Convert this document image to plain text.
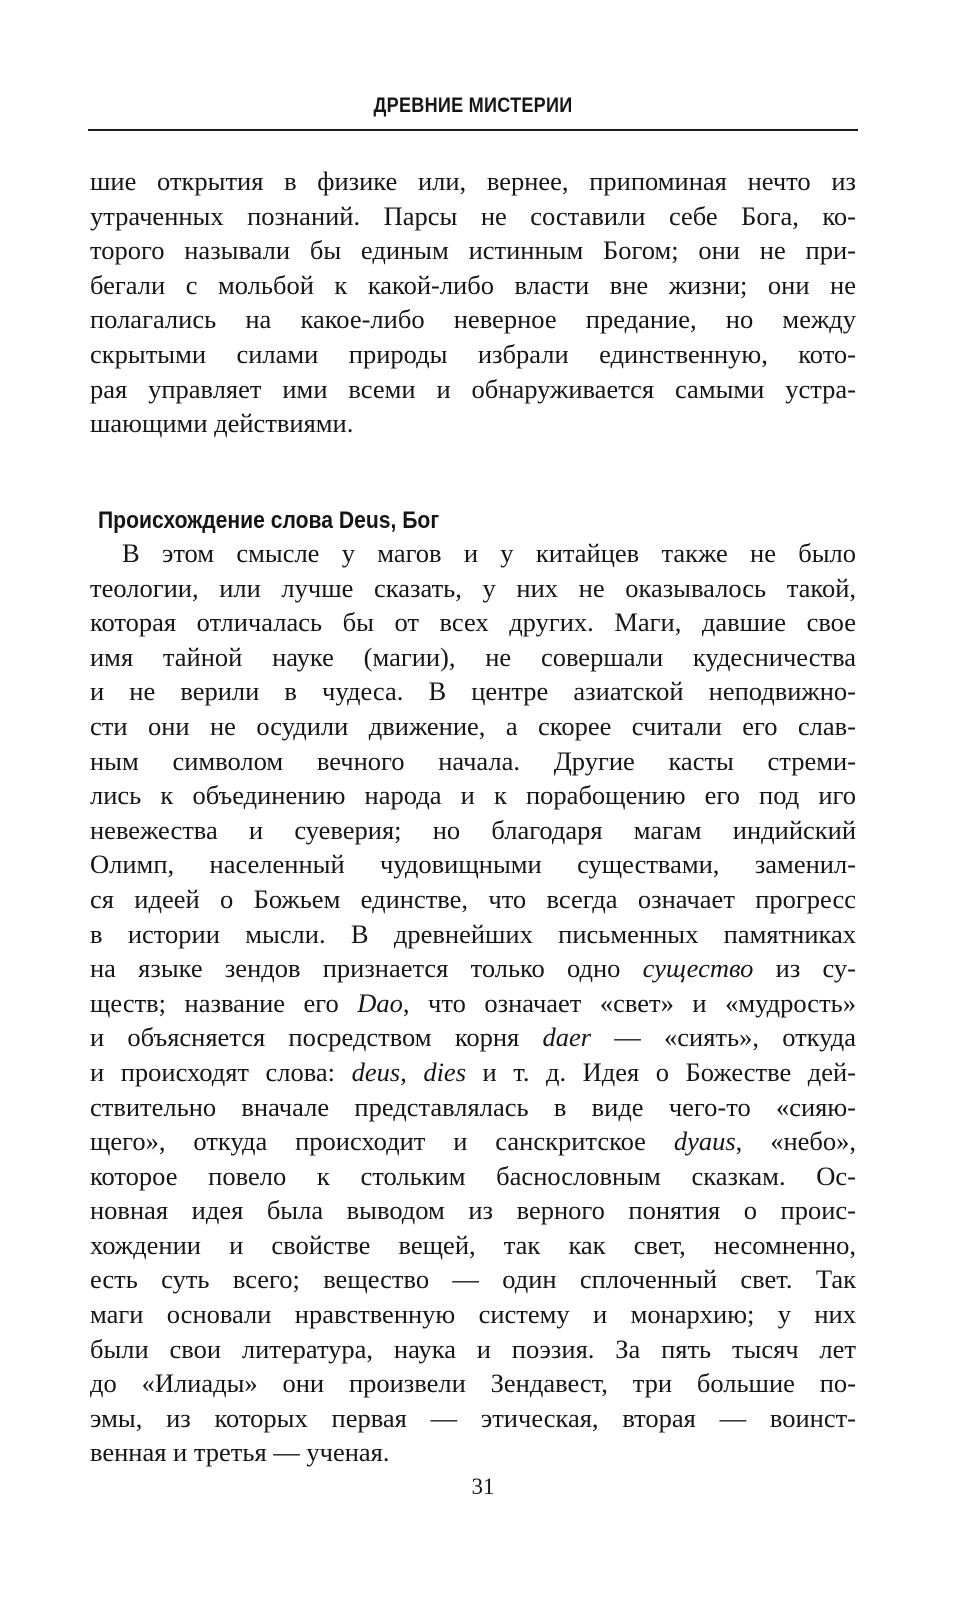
ДРЕВНИЕ МИСТЕРИИ
шие открытия в физике или, вернее, припоминая нечто из
утраченных познаний. Парсы не составили себе Бога, ко-
торого называли бы единым истинным Богом; они не при-
бегали с мольбой к какой-либо власти вне жизни; они не
полагались на какое-либо неверное предание, но между
скрытыми силами природы избрали единственную, кото-
рая управляет ими всеми и обнаруживается самыми устра-
шающими действиями.
Происхождение слова Deus, Бог
В этом смысле у магов и у китайцев также не было
теологии, или лучше сказать, у них не оказывалось такой,
которая отличалась бы от всех других. Маги, давшие свое
имя тайной науке (магии), не совершали кудесничества
и не верили в чудеса. В центре азиатской неподвижно-
сти они не осудили движение, а скорее считали его слав-
ным символом вечного начала. Другие касты стреми-
лись к объединению народа и к порабощению его под иго
невежества и суеверия; но благодаря магам индийский
Олимп, населенный чудовищными существами, заменил-
ся идеей о Божьем единстве, что всегда означает прогресс
в истории мысли. В древнейших письменных памятниках
на языке зендов признается только одно существо из су-
ществ; название его Dao, что означает «свет» и «мудрость»
и объясняется посредством корня daer — «сиять», откуда
и происходят слова: deus, dies и т. д. Идея о Божестве дей-
ствительно вначале представлялась в виде чего-то «сияю-
щего», откуда происходит и санскритское dyaus, «небо»,
которое повело к стольким баснословным сказкам. Ос-
новная идея была выводом из верного понятия о проис-
хождении и свойстве вещей, так как свет, несомненно,
есть суть всего; вещество — один сплоченный свет. Так
маги основали нравственную систему и монархию; у них
были свои литература, наука и поэзия. За пять тысяч лет
до «Илиады» они произвели Зендавест, три большие по-
эмы, из которых первая — этическая, вторая — воинст-
венная и третья — ученая.
31
